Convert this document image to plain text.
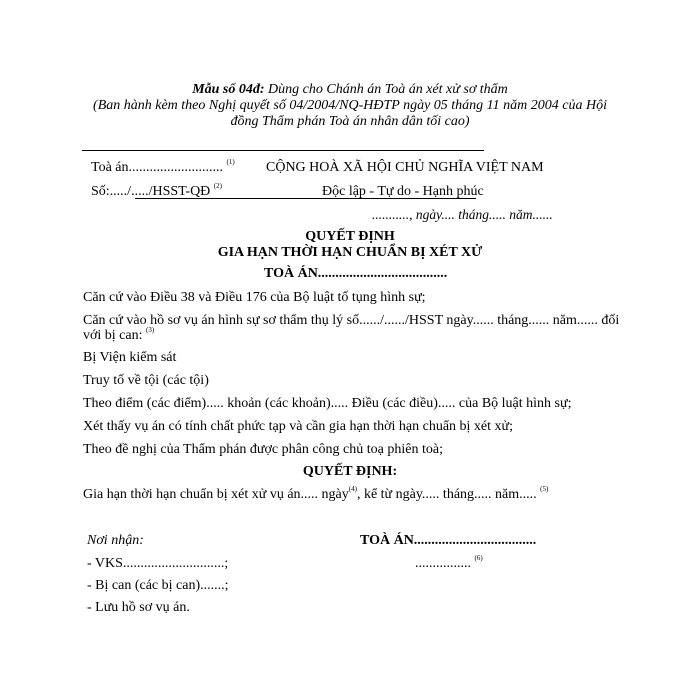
Mẫu số 04đ: Dùng cho Chánh án Toà án xét xử sơ thẩm
(Ban hành kèm theo Nghị quyết số 04/2004/NQ-HĐTP ngày 05 tháng 11 năm 2004 của Hội
đồng Thẩm phán Toà án nhân dân tối cao)
Toà án........................... $^{(1)}$
Số:...../...../HSST-QĐ $^{(2)}$
CỘNG HOÀ XÃ HỘI CHỦ NGHĨA VIỆT NAM
Độc lập - Tự do - Hạnh phúc
..........., ngày.... tháng..... năm......
QUYẾT ĐỊNH
GIA HẠN THỜI HẠN CHUẨN BỊ XÉT XỬ
TOÀ ÁN.....................................
Căn cứ vào Điều 38 và Điều 176 của Bộ luật tố tụng hình sự;
Căn cứ vào hồ sơ vụ án hình sự sơ thẩm thụ lý số....../....../HSST ngày...... tháng...... năm...... đối
với bị can: $^{(3)}$
Bị Viện kiểm sát
Truy tố về tội (các tội)
Theo điểm (các điểm)..... khoản (các khoản)..... Điều (các điều)..... của Bộ luật hình sự;
Xét thấy vụ án có tính chất phức tạp và cần gia hạn thời hạn chuẩn bị xét xử;
Theo đề nghị của Thẩm phán được phân công chủ toạ phiên toà;
QUYẾT ĐỊNH:
Gia hạn thời hạn chuẩn bị xét xử vụ án..... ngày$^{(4)}$, kể từ ngày..... tháng..... năm..... $^{(5)}$
Nơi nhận:
- VKS.............................;
- Bị can (các bị can).......;
- Lưu hồ sơ vụ án.
TOÀ ÁN...................................
................ $^{(6)}$
